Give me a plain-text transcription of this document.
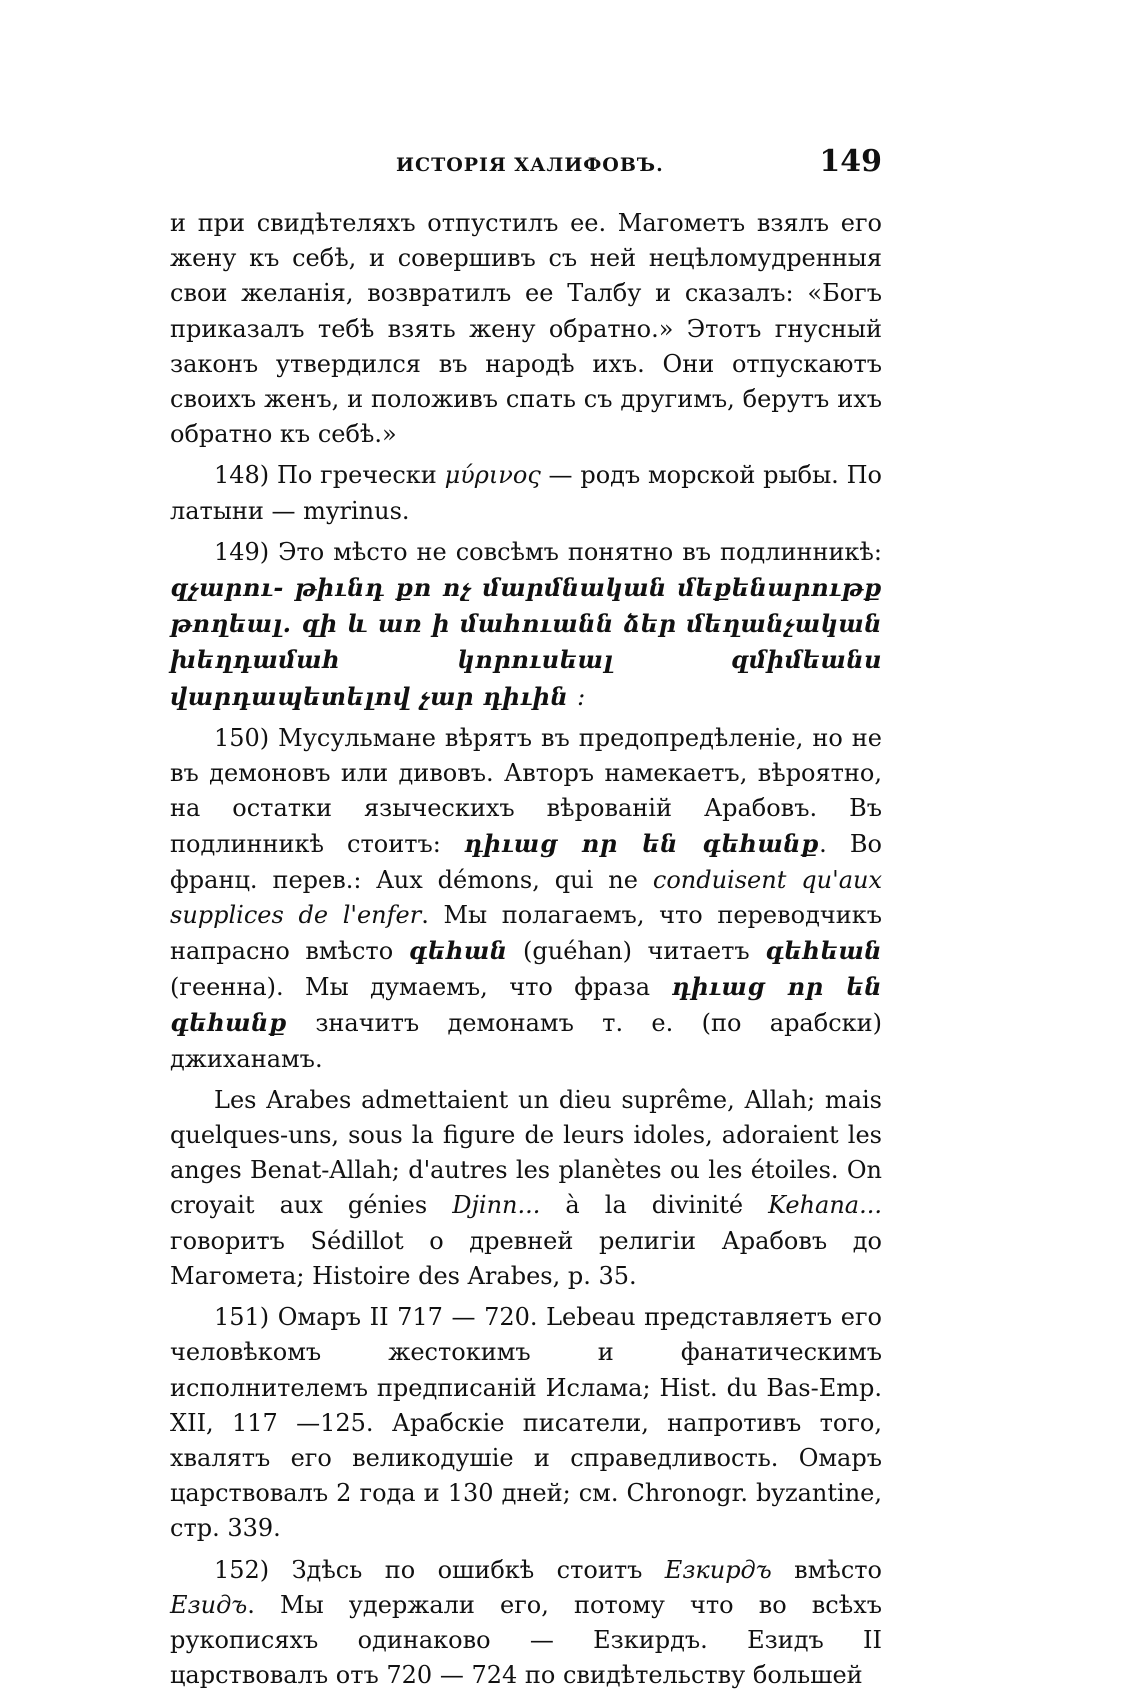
ИСТОРІЯ ХАЛИФОВЪ.	149

и при свидѣтеляхъ отпустилъ ее. Магометъ взялъ его жену къ себѣ, и совершивъ съ ней нецѣломудренныя свои желанія, возвратилъ ее Талбу и сказалъ: «Богъ приказалъ тебѣ взять жену обратно.» Этотъ гнусный законъ утвердился въ народѣ ихъ. Они отпускаютъ своихъ женъ, и положивъ спать съ другимъ, берутъ ихъ обратно къ себѣ.»

148) По гречески μύρινος — родъ морской рыбы. По латыни — myrinus.

149) Это мѣсто не совсѣмъ понятно въ подлинникѣ: զչարու- թիւնդ քո ոչ մարմնական մեքենարութք թողեալ. զի և առ ի մահուանն ձեր մեղանչական խեղդամահ կորուսեալ զմիմեանս վարդապետելով չար դիւին ։

150) Мусульмане вѣрятъ въ предопредѣленіе, но не въ демоновъ или дивовъ. Авторъ намекаетъ, вѣроятно, на остатки языческихъ вѣрованій Арабовъ. Въ подлинникѣ стоитъ: դիւաց որ են գեհանք. Во франц. перев.: Aux démons, qui ne conduisent qu'aux supplices de l'enfer. Мы полагаемъ, что переводчикъ напрасно вмѣсто գեհան (guéhan) читаетъ գեհեան (геенна). Мы думаемъ, что фраза դիւաց որ են գեհանք значитъ демонамъ т. е. (по арабски) джиханамъ.

Les Arabes admettaient un dieu suprême, Allah; mais quelques-uns, sous la figure de leurs idoles, adoraient les anges Benat-Allah; d'autres les planètes ou les étoiles. On croyait aux génies Djinn... à la divinité Kehana... говоритъ Sédillot о древней религіи Арабовъ до Магомета; Histoire des Arabes, p. 35.

151) Омаръ II 717 — 720. Lebeau представляетъ его человѣкомъ жестокимъ и фанатическимъ исполнителемъ предписаній Ислама; Hist. du Bas-Emp. XII, 117 —125. Арабскіе писатели, напротивъ того, хвалятъ его великодушіе и справедливость. Омаръ царствовалъ 2 года и 130 дней; см. Chronogr. byzantine, стр. 339.

152) Здѣсь по ошибкѣ стоитъ Езкирдъ вмѣсто Езидъ. Мы удержали его, потому что во всѣхъ рукописяхъ одинаково — Езкирдъ. Езидъ II царствовалъ отъ 720 — 724 по свидѣтельству большей
